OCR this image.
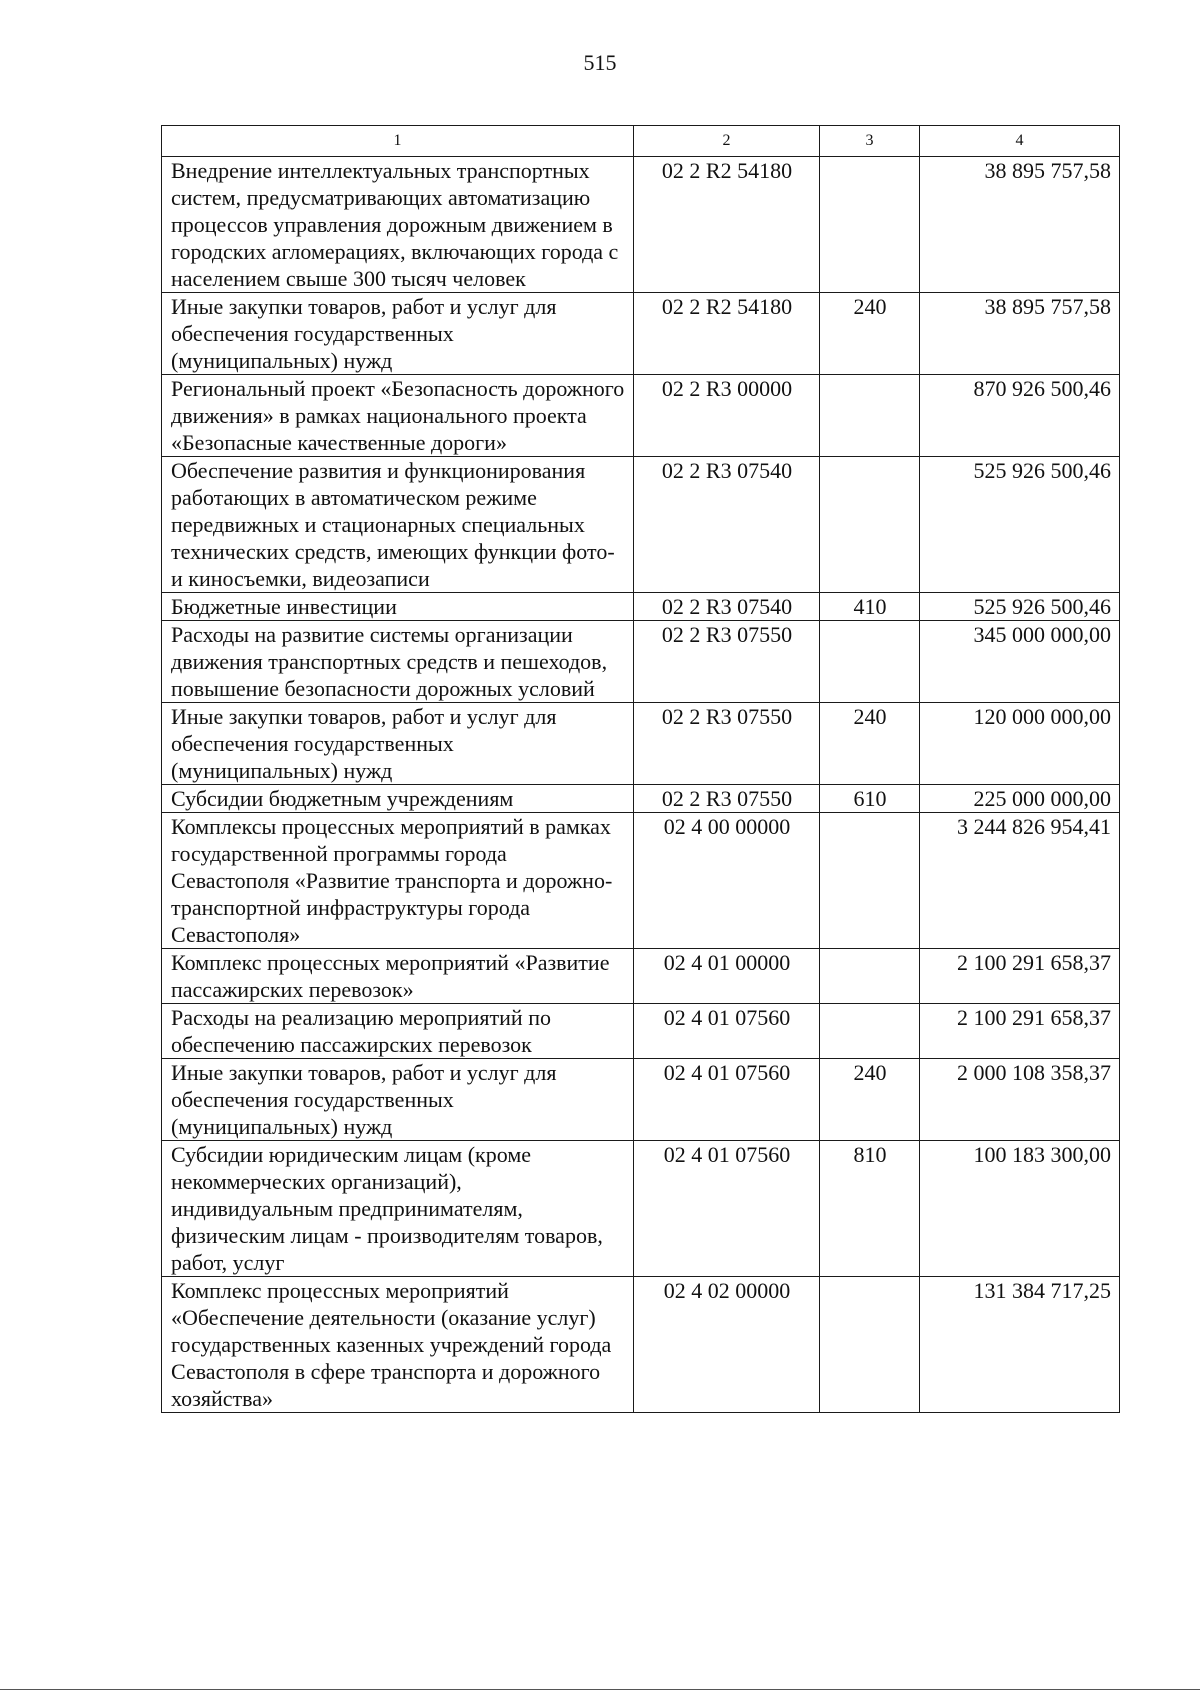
515
1	2	3	4
Внедрение интеллектуальных транспортных систем, предусматривающих автоматизацию процессов управления дорожным движением в городских агломерациях, включающих города с населением свыше 300 тысяч человек	02 2 R2 54180		38 895 757,58
Иные закупки товаров, работ и услуг для обеспечения государственных (муниципальных) нужд	02 2 R2 54180	240	38 895 757,58
Региональный проект «Безопасность дорожного движения» в рамках национального проекта «Безопасные качественные дороги»	02 2 R3 00000		870 926 500,46
Обеспечение развития и функционирования работающих в автоматическом режиме передвижных и стационарных специальных технических средств, имеющих функции фото- и киносъемки, видеозаписи	02 2 R3 07540		525 926 500,46
Бюджетные инвестиции	02 2 R3 07540	410	525 926 500,46
Расходы на развитие системы организации движения транспортных средств и пешеходов, повышение безопасности дорожных условий	02 2 R3 07550		345 000 000,00
Иные закупки товаров, работ и услуг для обеспечения государственных (муниципальных) нужд	02 2 R3 07550	240	120 000 000,00
Субсидии бюджетным учреждениям	02 2 R3 07550	610	225 000 000,00
Комплексы процессных мероприятий в рамках государственной программы города Севастополя «Развитие транспорта и дорожно-транспортной инфраструктуры города Севастополя»	02 4 00 00000		3 244 826 954,41
Комплекс процессных мероприятий «Развитие пассажирских перевозок»	02 4 01 00000		2 100 291 658,37
Расходы на реализацию мероприятий по обеспечению пассажирских перевозок	02 4 01 07560		2 100 291 658,37
Иные закупки товаров, работ и услуг для обеспечения государственных (муниципальных) нужд	02 4 01 07560	240	2 000 108 358,37
Субсидии юридическим лицам (кроме некоммерческих организаций), индивидуальным предпринимателям, физическим лицам - производителям товаров, работ, услуг	02 4 01 07560	810	100 183 300,00
Комплекс процессных мероприятий «Обеспечение деятельности (оказание услуг) государственных казенных учреждений города Севастополя в сфере транспорта и дорожного хозяйства»	02 4 02 00000		131 384 717,25
